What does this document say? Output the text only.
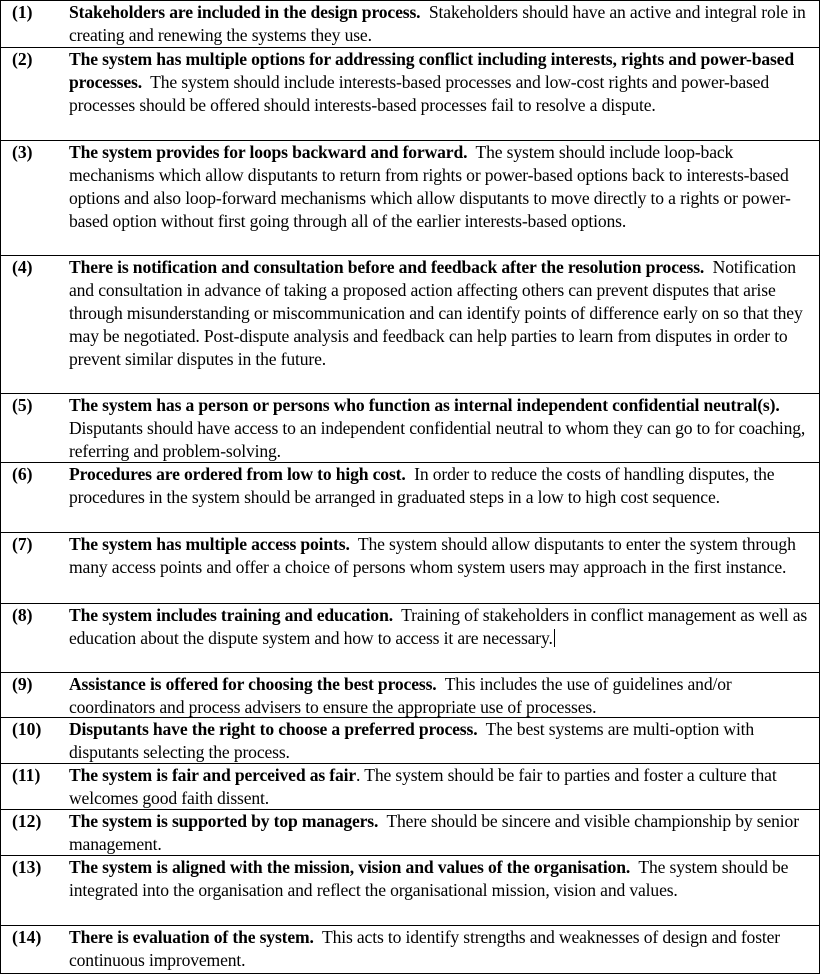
(1)	Stakeholders are included in the design process. Stakeholders should have an active and integral role in creating and renewing the systems they use.
(2)	The system has multiple options for addressing conflict including interests, rights and power-based processes. The system should include interests-based processes and low-cost rights and power-based processes should be offered should interests-based processes fail to resolve a dispute.
(3)	The system provides for loops backward and forward. The system should include loop-back mechanisms which allow disputants to return from rights or power-based options back to interests-based options and also loop-forward mechanisms which allow disputants to move directly to a rights or power-based option without first going through all of the earlier interests-based options.
(4)	There is notification and consultation before and feedback after the resolution process. Notification and consultation in advance of taking a proposed action affecting others can prevent disputes that arise through misunderstanding or miscommunication and can identify points of difference early on so that they may be negotiated. Post-dispute analysis and feedback can help parties to learn from disputes in order to prevent similar disputes in the future.
(5)	The system has a person or persons who function as internal independent confidential neutral(s).  Disputants should have access to an independent confidential neutral to whom they can go to for coaching, referring and problem-solving.
(6)	Procedures are ordered from low to high cost. In order to reduce the costs of handling disputes, the procedures in the system should be arranged in graduated steps in a low to high cost sequence.
(7)	The system has multiple access points. The system should allow disputants to enter the system through many access points and offer a choice of persons whom system users may approach in the first instance.
(8)	The system includes training and education. Training of stakeholders in conflict management as well as education about the dispute system and how to access it are necessary.
(9)	Assistance is offered for choosing the best process. This includes the use of guidelines and/or coordinators and process advisers to ensure the appropriate use of processes.
(10)	Disputants have the right to choose a preferred process. The best systems are multi-option with disputants selecting the process.
(11)	The system is fair and perceived as fair. The system should be fair to parties and foster a culture that welcomes good faith dissent.
(12)	The system is supported by top managers. There should be sincere and visible championship by senior management.
(13)	The system is aligned with the mission, vision and values of the organisation. The system should be integrated into the organisation and reflect the organisational mission, vision and values.
(14)	There is evaluation of the system. This acts to identify strengths and weaknesses of design and foster continuous improvement.
